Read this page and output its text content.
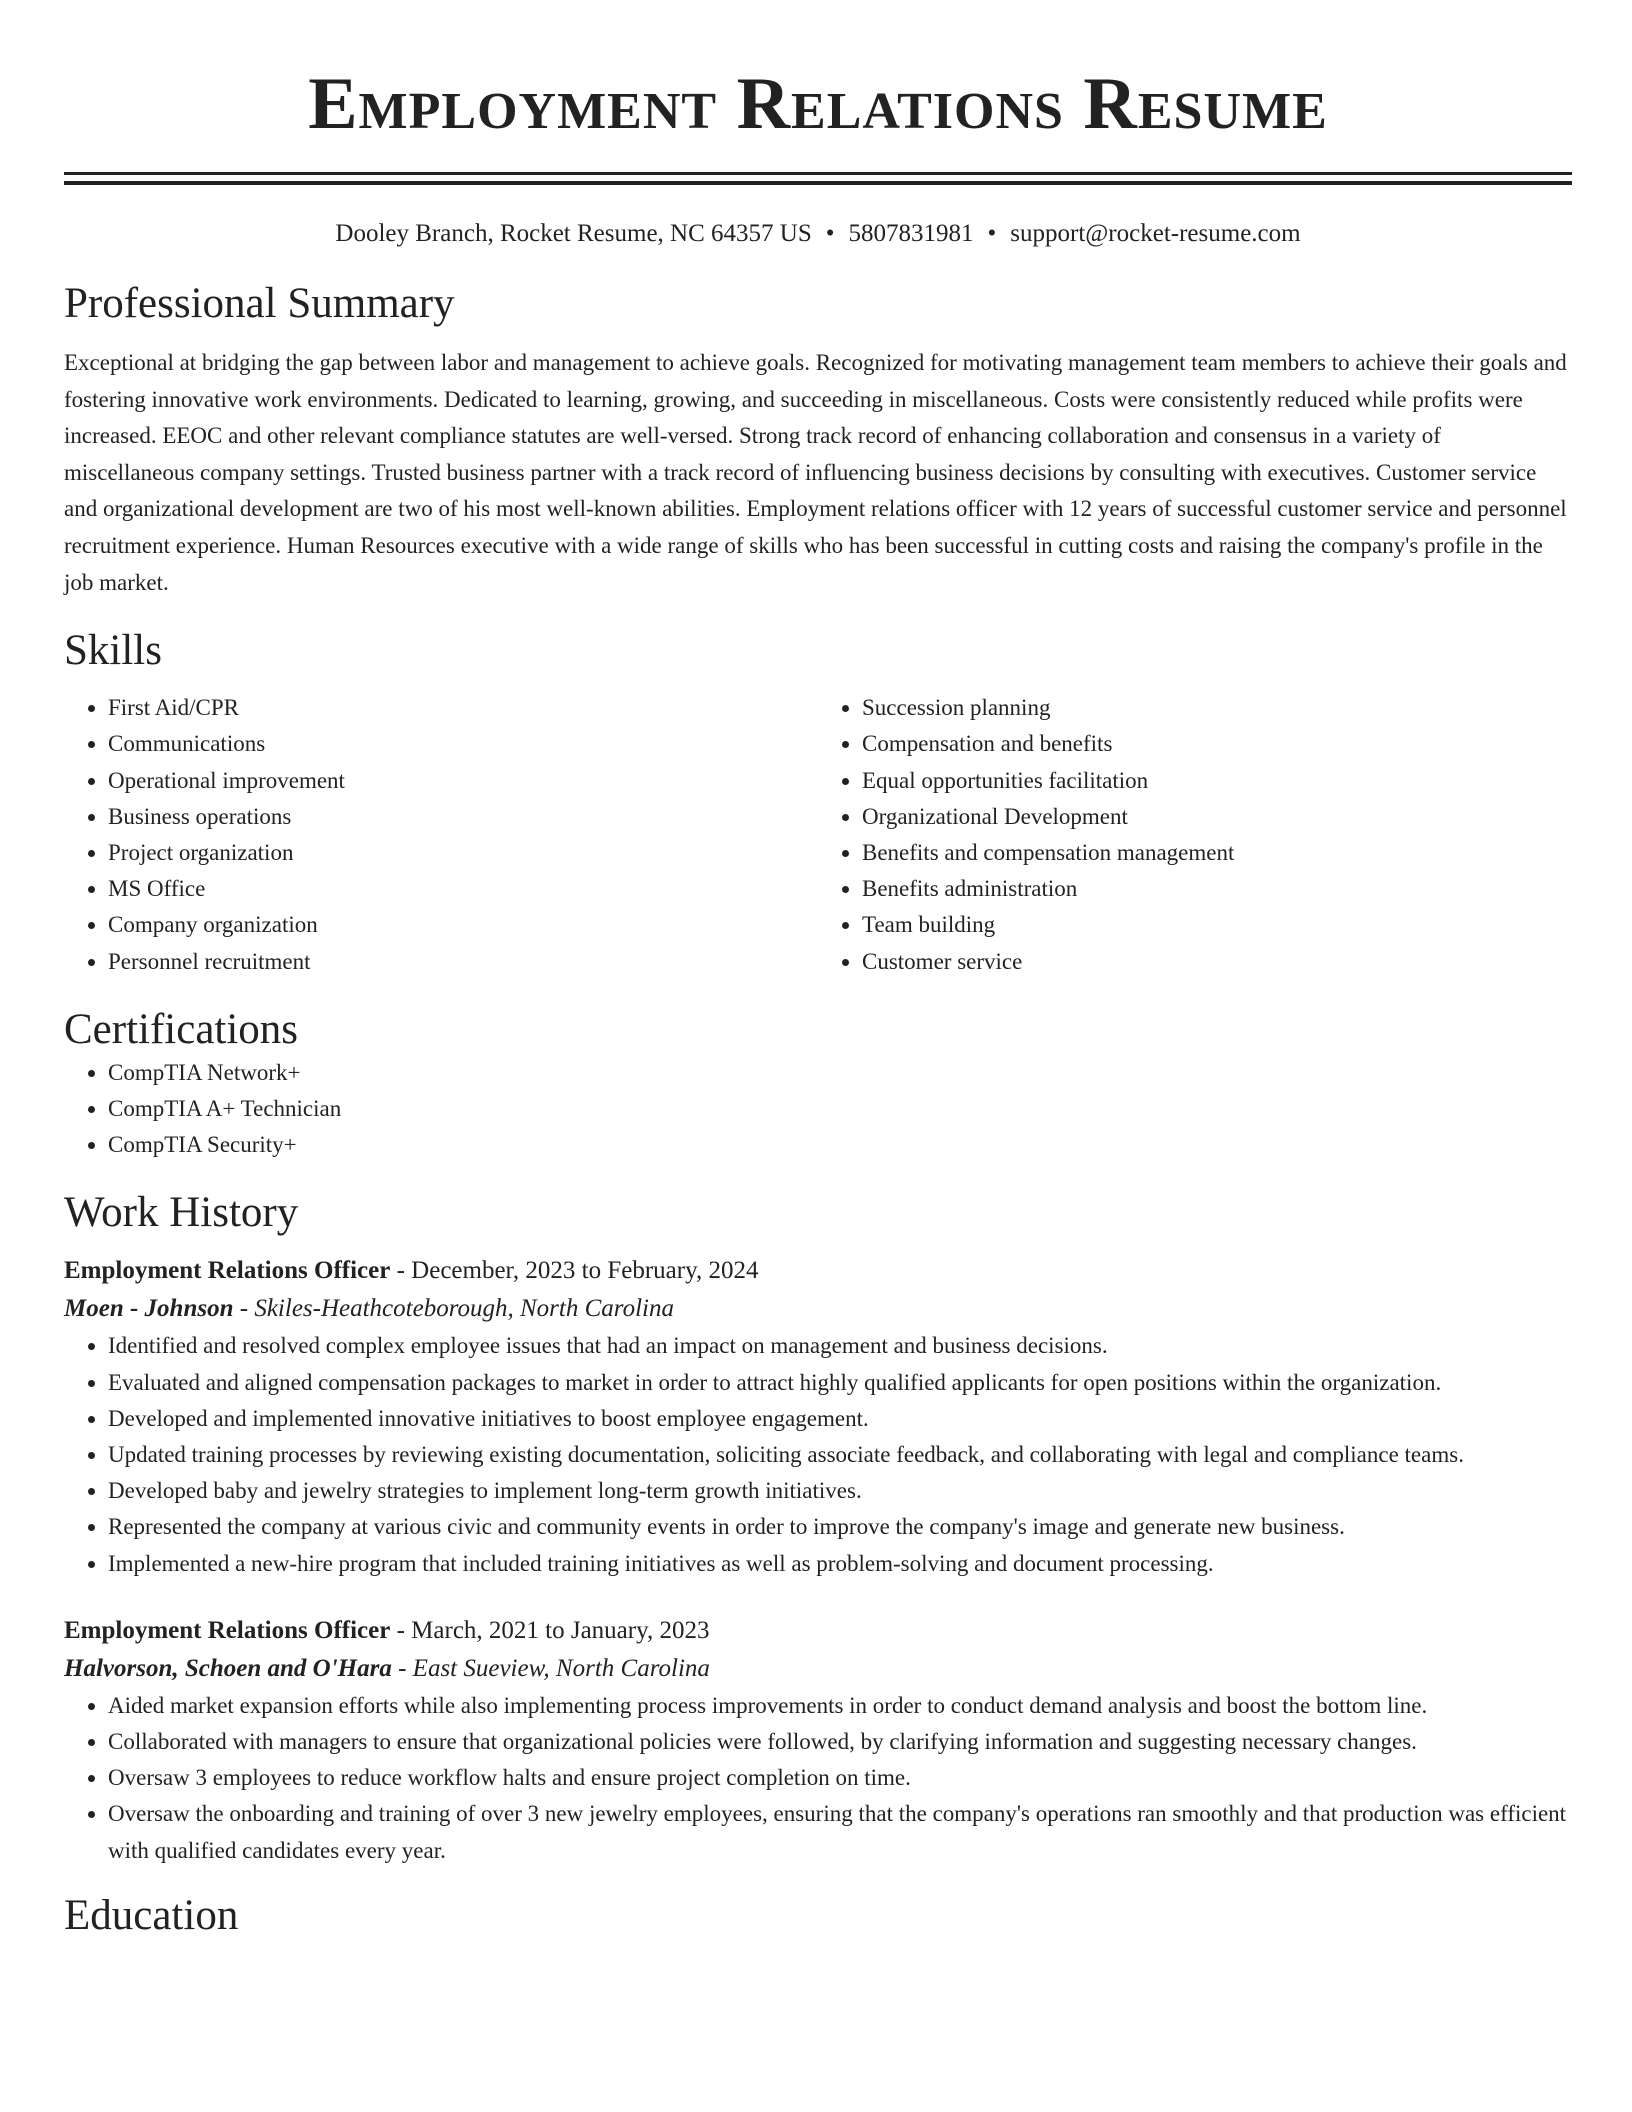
Employment Relations Resume
Dooley Branch, Rocket Resume, NC 64357 US • 5807831981 • support@rocket-resume.com
Professional Summary

Exceptional at bridging the gap between labor and management to achieve goals. Recognized for motivating management team members to achieve their goals and fostering innovative work environments. Dedicated to learning, growing, and succeeding in miscellaneous. Costs were consistently reduced while profits were increased. EEOC and other relevant compliance statutes are well-versed. Strong track record of enhancing collaboration and consensus in a variety of miscellaneous company settings. Trusted business partner with a track record of influencing business decisions by consulting with executives. Customer service and organizational development are two of his most well-known abilities. Employment relations officer with 12 years of successful customer service and personnel recruitment experience. Human Resources executive with a wide range of skills who has been successful in cutting costs and raising the company's profile in the job market.

Skills
• First Aid/CPR
• Communications
• Operational improvement
• Business operations
• Project organization
• MS Office
• Company organization
• Personnel recruitment
• Succession planning
• Compensation and benefits
• Equal opportunities facilitation
• Organizational Development
• Benefits and compensation management
• Benefits administration
• Team building
• Customer service
Certifications
• CompTIA Network+
• CompTIA A+ Technician
• CompTIA Security+
Work History
Employment Relations Officer - December, 2023 to February, 2024
Moen - Johnson - Skiles-Heathcoteborough, North Carolina
• Identified and resolved complex employee issues that had an impact on management and business decisions.
• Evaluated and aligned compensation packages to market in order to attract highly qualified applicants for open positions within the organization.
• Developed and implemented innovative initiatives to boost employee engagement.
• Updated training processes by reviewing existing documentation, soliciting associate feedback, and collaborating with legal and compliance teams.
• Developed baby and jewelry strategies to implement long-term growth initiatives.
• Represented the company at various civic and community events in order to improve the company's image and generate new business.
• Implemented a new-hire program that included training initiatives as well as problem-solving and document processing.
Employment Relations Officer - March, 2021 to January, 2023
Halvorson, Schoen and O'Hara - East Sueview, North Carolina
• Aided market expansion efforts while also implementing process improvements in order to conduct demand analysis and boost the bottom line.
• Collaborated with managers to ensure that organizational policies were followed, by clarifying information and suggesting necessary changes.
• Oversaw 3 employees to reduce workflow halts and ensure project completion on time.
• Oversaw the onboarding and training of over 3 new jewelry employees, ensuring that the company's operations ran smoothly and that production was efficient with qualified candidates every year.
Education
